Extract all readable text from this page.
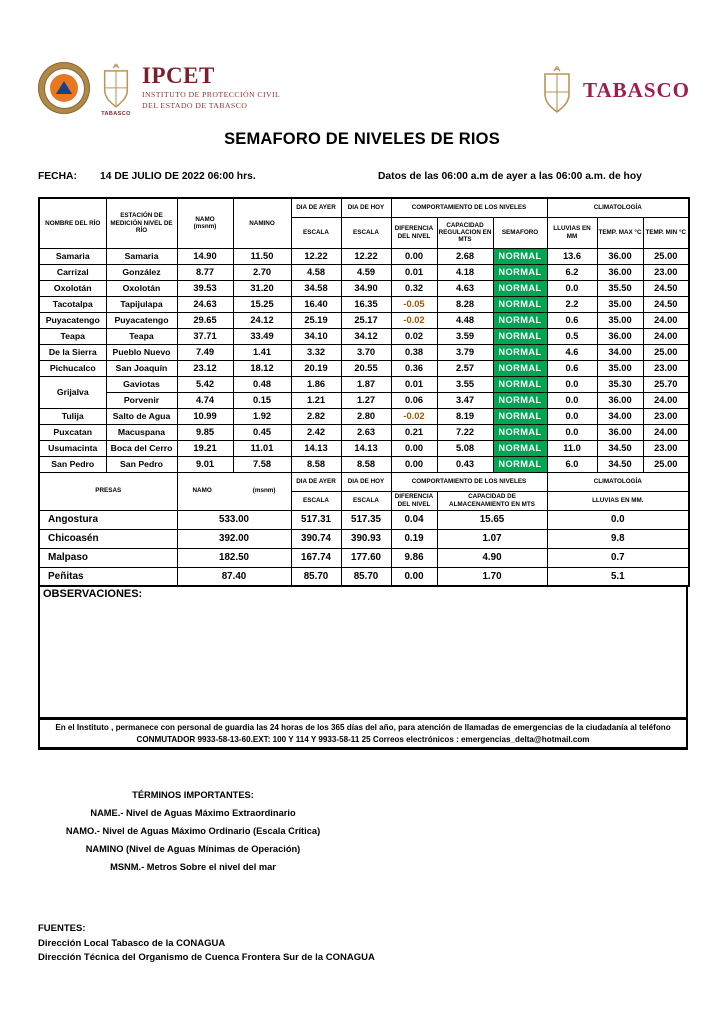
TABASCO
IPCET
INSTITUTO DE PROTECCIÓN CIVIL
DEL ESTADO DE TABASCO
TABASCO
SEMAFORO DE NIVELES DE RIOS
FECHA:	14 DE JULIO DE 2022 06:00 hrs.	Datos de las 06:00 a.m de ayer a las 06:00 a.m. de hoy
NOMBRE DEL RÍO	ESTACIÓN DE MEDICIÓN NIVEL DE RÍO	NAMO
(msnm)	NAMINO	DIA DE AYER	DIA DE HOY	COMPORTAMIENTO DE LOS NIVELES			CLIMATOLOGÍA		
				ESCALA	ESCALA	DIFERENCIA DEL NIVEL	CAPACIDAD REGULACION EN MTS	SEMAFORO	LLUVIAS EN MM	TEMP. MAX °C	TEMP. MIN °C
Samaria	Samaria	14.90	11.50	12.22	12.22	0.00	2.68	NORMAL	13.6	36.00	25.00
Carrizal	González	8.77	2.70	4.58	4.59	0.01	4.18	NORMAL	6.2	36.00	23.00
Oxolotán	Oxolotán	39.53	31.20	34.58	34.90	0.32	4.63	NORMAL	0.0	35.50	24.50
Tacotalpa	Tapijulapa	24.63	15.25	16.40	16.35	-0.05	8.28	NORMAL	2.2	35.00	24.50
Puyacatengo	Puyacatengo	29.65	24.12	25.19	25.17	-0.02	4.48	NORMAL	0.6	35.00	24.00
Teapa	Teapa	37.71	33.49	34.10	34.12	0.02	3.59	NORMAL	0.5	36.00	24.00
De la Sierra	Pueblo Nuevo	7.49	1.41	3.32	3.70	0.38	3.79	NORMAL	4.6	34.00	25.00
Pichucalco	San Joaquín	23.12	18.12	20.19	20.55	0.36	2.57	NORMAL	0.6	35.00	23.00
Grijalva	Gaviotas	5.42	0.48	1.86	1.87	0.01	3.55	NORMAL	0.0	35.30	25.70
	Porvenir	4.74	0.15	1.21	1.27	0.06	3.47	NORMAL	0.0	36.00	24.00
Tulija	Salto de Agua	10.99	1.92	2.82	2.80	-0.02	8.19	NORMAL	0.0	34.00	23.00
Puxcatan	Macuspana	9.85	0.45	2.42	2.63	0.21	7.22	NORMAL	0.0	36.00	24.00
Usumacinta	Boca del Cerro	19.21	11.01	14.13	14.13	0.00	5.08	NORMAL	11.0	34.50	23.00
San Pedro	San Pedro	9.01	7.58	8.58	8.58	0.00	0.43	NORMAL	6.0	34.50	25.00
PRESAS		NAMO (msnm)		DIA DE AYER	DIA DE HOY	COMPORTAMIENTO DE LOS NIVELES			CLIMATOLOGÍA		
				ESCALA	ESCALA	DIFERENCIA DEL NIVEL	CAPACIDAD DE ALMACENAMIENTO EN MTS		LLUVIAS EN MM.		
Angostura		533.00		517.31	517.35	0.04	15.65		0.0		
Chicoasén		392.00		390.74	390.93	0.19	1.07		9.8		
Malpaso		182.50		167.74	177.60	9.86	4.90		0.7		
Peñitas		87.40		85.70	85.70	0.00	1.70		5.1		
OBSERVACIONES:
En el Instituto , permanece con personal de guardia las 24 horas de los 365 días del año, para atención de llamadas de emergencias de la ciudadanía al teléfono
CONMUTADOR 9933-58-13-60.EXT: 100 Y 114 Y 9933-58-11 25 Correos electrónicos : emergencias_delta@hotmail.com
TÉRMINOS IMPORTANTES:
NAME.- Nivel de Aguas Máximo Extraordinario
NAMO.- Nivel de Aguas Máximo Ordinario (Escala Crítica)
NAMINO (Nivel de Aguas Mínimas de Operación)
MSNM.- Metros Sobre el nivel del mar
FUENTES:
Dirección Local Tabasco de la CONAGUA
Dirección Técnica del Organismo de Cuenca Frontera Sur de la CONAGUA
